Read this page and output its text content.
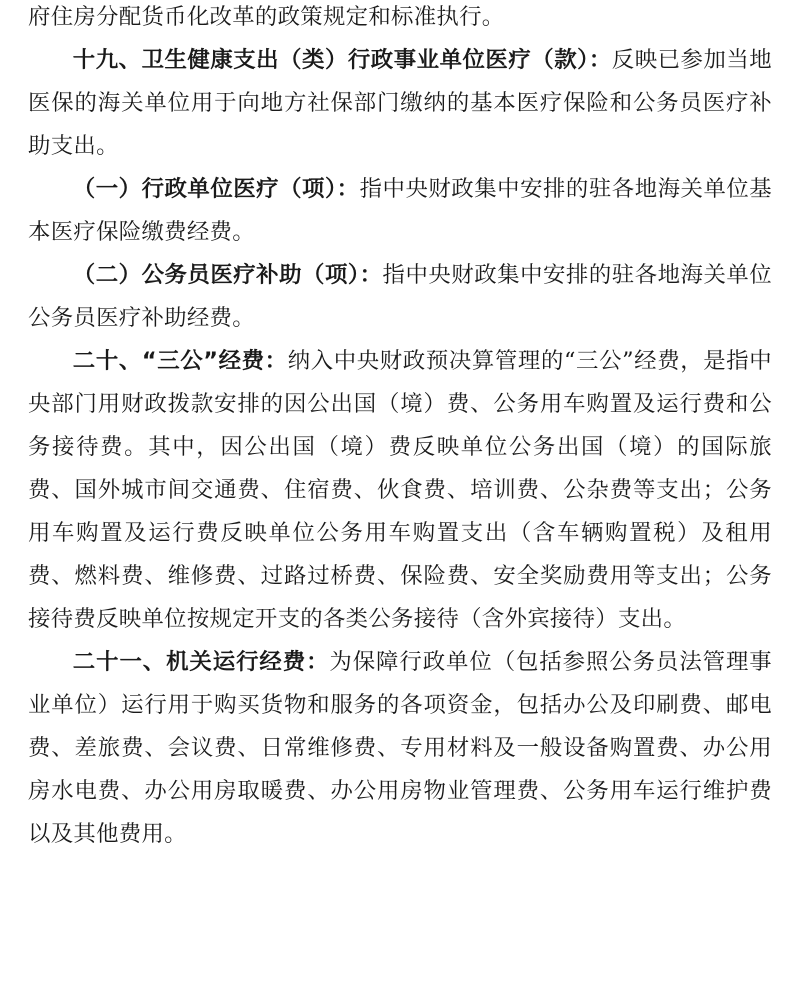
府住房分配货币化改革的政策规定和标准执行。

十九、卫生健康支出（类）行政事业单位医疗（款）：反映已参加当地医保的海关单位用于向地方社保部门缴纳的基本医疗保险和公务员医疗补助支出。

（一）行政单位医疗（项）：指中央财政集中安排的驻各地海关单位基本医疗保险缴费经费。

（二）公务员医疗补助（项）：指中央财政集中安排的驻各地海关单位公务员医疗补助经费。

二十、“三公”经费：纳入中央财政预决算管理的“三公”经费，是指中央部门用财政拨款安排的因公出国（境）费、公务用车购置及运行费和公务接待费。其中，因公出国（境）费反映单位公务出国（境）的国际旅费、国外城市间交通费、住宿费、伙食费、培训费、公杂费等支出；公务用车购置及运行费反映单位公务用车购置支出（含车辆购置税）及租用费、燃料费、维修费、过路过桥费、保险费、安全奖励费用等支出；公务接待费反映单位按规定开支的各类公务接待（含外宾接待）支出。

二十一、机关运行经费：为保障行政单位（包括参照公务员法管理事业单位）运行用于购买货物和服务的各项资金，包括办公及印刷费、邮电费、差旅费、会议费、日常维修费、专用材料及一般设备购置费、办公用房水电费、办公用房取暖费、办公用房物业管理费、公务用车运行维护费以及其他费用。
